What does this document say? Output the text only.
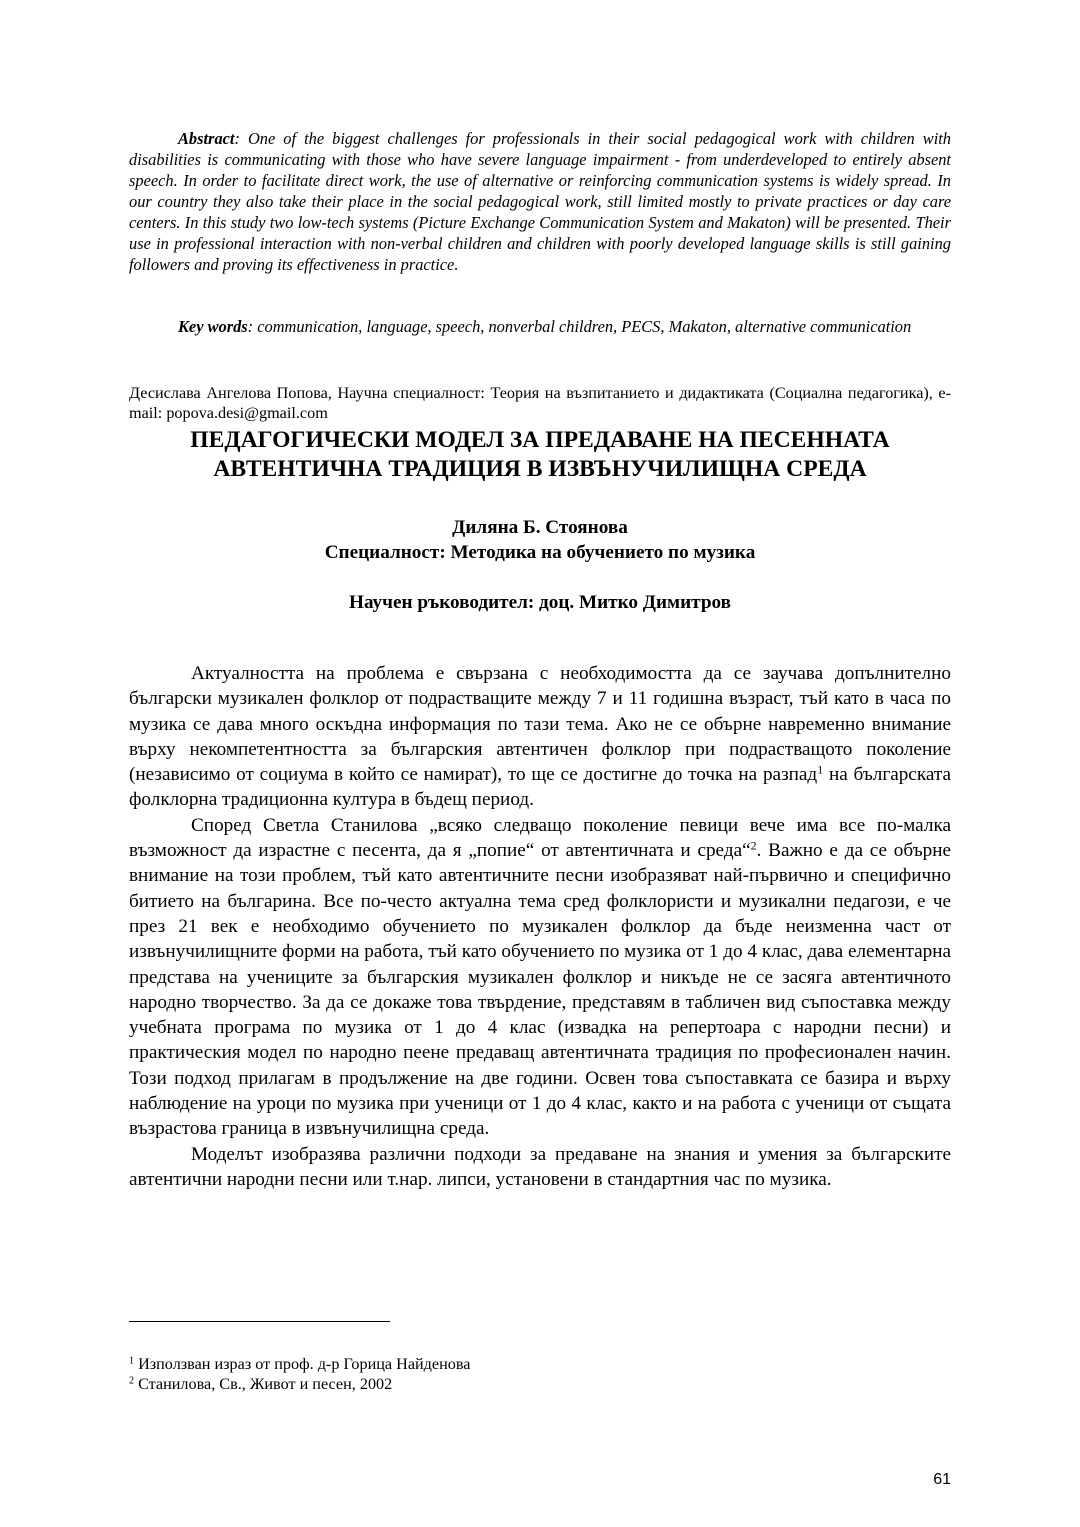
Abstract: One of the biggest challenges for professionals in their social pedagogical work with children with disabilities is communicating with those who have severe language impairment - from underdeveloped to entirely absent speech. In order to facilitate direct work, the use of alternative or reinforcing communication systems is widely spread. In our country they also take their place in the social pedagogical work, still limited mostly to private practices or day care centers. In this study two low-tech systems (Picture Exchange Communication System and Makaton) will be presented. Their use in professional interaction with non-verbal children and children with poorly developed language skills is still gaining followers and proving its effectiveness in practice.

Key words: communication, language, speech, nonverbal children, PECS, Makaton, alternative communication

Десислава Ангелова Попова, Научна специалност: Теория на възпитанието и дидактиката (Социална педагогика), e-mail: popova.desi@gmail.com

ПЕДАГОГИЧЕСКИ МОДЕЛ ЗА ПРЕДАВАНЕ НА ПЕСЕННАТА
АВТЕНТИЧНА ТРАДИЦИЯ В ИЗВЪНУЧИЛИЩНА СРЕДА

Диляна Б. Стоянова

Специалност: Методика на обучението по музика

Научен ръководител: доц. Митко Димитров

Актуалността на проблема е свързана с необходимостта да се заучава допълнително български музикален фолклор от подрастващите между 7 и 11 годишна възраст, тъй като в часа по музика се дава много оскъдна информация по тази тема. Ако не се обърне навременно внимание върху некомпетентността за българския автентичен фолклор при подрастващото поколение (независимо от социума в който се намират), то ще се достигне до точка на разпад$^1$ на българската фолклорна традиционна култура в бъдещ период.

Според Светла Станилова „всяко следващо поколение певици вече има все по-малка възможност да израстне с песента, да я „попие“ от автентичната и среда“$^2$. Важно е да се обърне внимание на този проблем, тъй като автентичните песни изобразяват най-първично и специфично битието на българина. Все по-често актуална тема сред фолклористи и музикални педагози, е че през 21 век е необходимо обучението по музикален фолклор да бъде неизменна част от извънучилищните форми на работа, тъй като обучението по музика от 1 до 4 клас, дава елементарна представа на учениците за българския музикален фолклор и никъде не се засяга автентичното народно творчество. За да се докаже това твърдение, представям в табличен вид съпоставка между учебната програма по музика от 1 до 4 клас (извадка на репертоара с народни песни) и практическия модел по народно пеене предаващ автентичната традиция по професионален начин. Този подход прилагам в продължение на две години. Освен това съпоставката се базира и върху наблюдение на уроци по музика при ученици от 1 до 4 клас, както и на работа с ученици от същата възрастова граница в извънучилищна среда.

Моделът изобразява различни подходи за предаване на знания и умения за българските автентични народни песни или т.нар. липси, установени в стандартния час по музика.

$^1$ Използван израз от проф. д-р Горица Найденова

$^2$ Станилова, Св., Живот и песен, 2002

61
